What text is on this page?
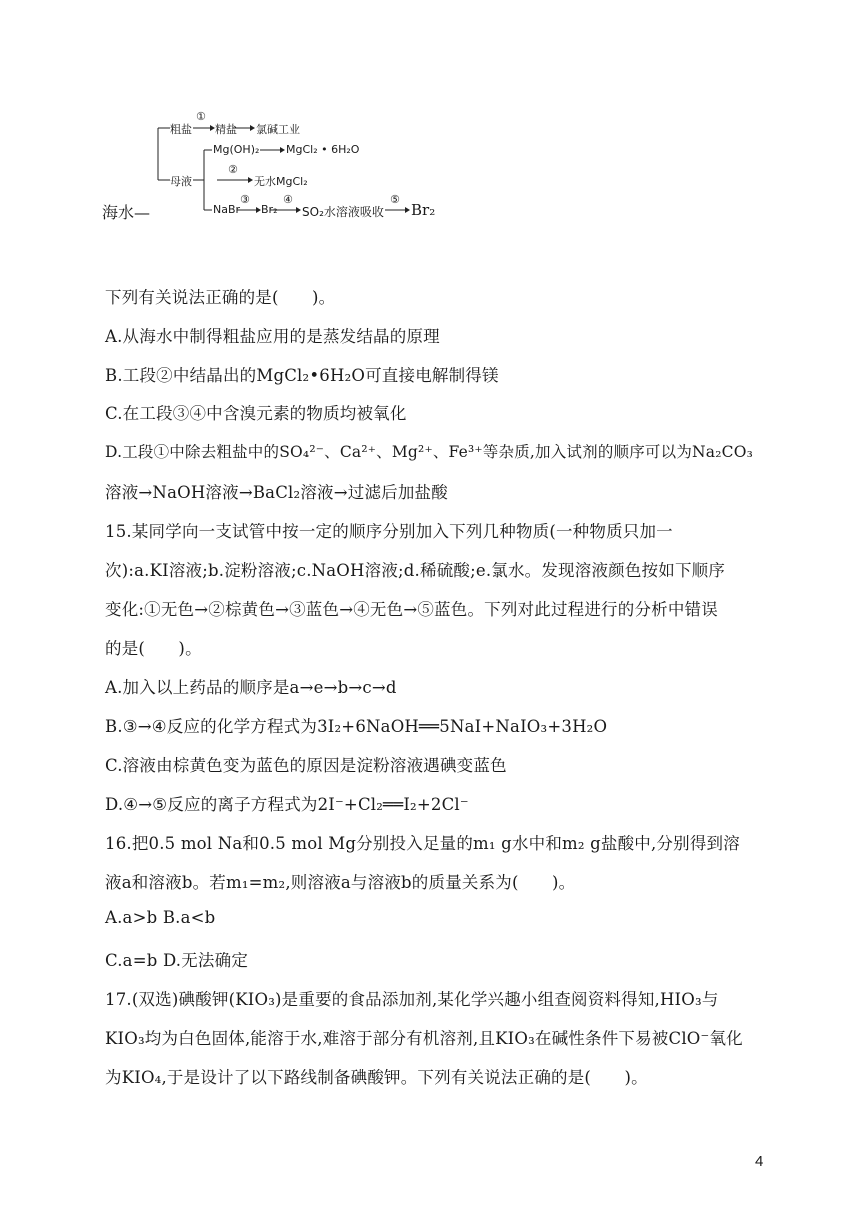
海水—
粗盐
①
精盐 氯碱工业
母液
Mg(OH)₂ MgCl₂ • 6H₂O
②
无水MgCl₂
NaBr
③
Br₂
④
SO₂水溶液吸收
⑤
Br₂
下列有关说法正确的是(　　)。
A.从海水中制得粗盐应用的是蒸发结晶的原理
B.工段②中结晶出的MgCl₂•6H₂O可直接电解制得镁
C.在工段③④中含溴元素的物质均被氧化
D.工段①中除去粗盐中的SO₄²⁻、Ca²⁺、Mg²⁺、Fe³⁺等杂质,加入试剂的顺序可以为Na₂CO₃
溶液→NaOH溶液→BaCl₂溶液→过滤后加盐酸
15.某同学向一支试管中按一定的顺序分别加入下列几种物质(一种物质只加一
次):a.KI溶液;b.淀粉溶液;c.NaOH溶液;d.稀硫酸;e.氯水。发现溶液颜色按如下顺序
变化:①无色→②棕黄色→③蓝色→④无色→⑤蓝色。下列对此过程进行的分析中错误
的是(　　)。
A.加入以上药品的顺序是a→e→b→c→d
B.③→④反应的化学方程式为3I₂+6NaOH══5NaI+NaIO₃+3H₂O
C.溶液由棕黄色变为蓝色的原因是淀粉溶液遇碘变蓝色
D.④→⑤反应的离子方程式为2I⁻+Cl₂══I₂+2Cl⁻
16.把0.5 mol Na和0.5 mol Mg分别投入足量的m₁ g水中和m₂ g盐酸中,分别得到溶
液a和溶液b。若m₁=m₂,则溶液a与溶液b的质量关系为(　　)。
A.a>b B.a<b
C.a=b D.无法确定
17.(双选)碘酸钾(KIO₃)是重要的食品添加剂,某化学兴趣小组查阅资料得知,HIO₃与
KIO₃均为白色固体,能溶于水,难溶于部分有机溶剂,且KIO₃在碱性条件下易被ClO⁻氧化
为KIO₄,于是设计了以下路线制备碘酸钾。下列有关说法正确的是(　　)。
4
